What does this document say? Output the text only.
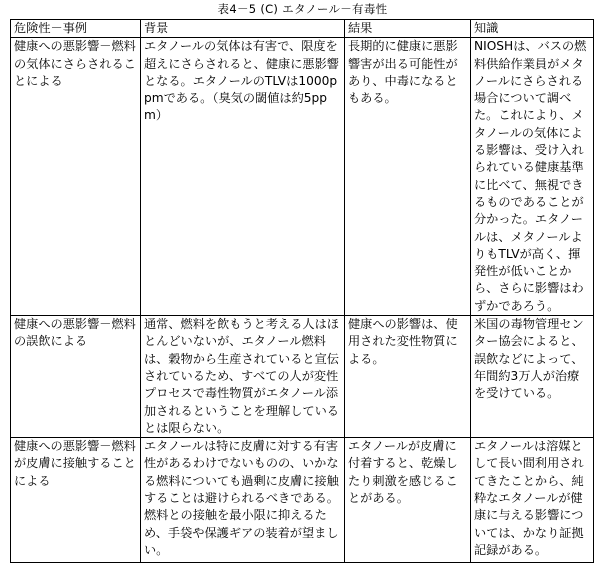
表4－5 (C) エタノール－有毒性
危険性－事例	背景	結果	知識
健康への悪影響－燃料の気体にさらされることによる	エタノールの気体は有害で、限度を超えにさらされると、健康に悪影響となる。エタノールのTLVは1000ppmである。（臭気の閾値は約5ppm）	長期的に健康に悪影響害が出る可能性があり、中毒になるともある。	NIOSHは、バスの燃料供給作業員がメタノールにさらされる場合について調べた。これにより、メタノールの気体による影響は、受け入れられている健康基準に比べて、無視できるものであることが分かった。エタノールは、メタノールよりもTLVが高く、揮発性が低いことから、さらに影響はわずかであろう。
健康への悪影響－燃料の誤飲による	通常、燃料を飲もうと考える人はほとんどいないが、エタノール燃料は、穀物から生産されていると宣伝されているため、すべての人が変性プロセスで毒性物質がエタノール添加されるということを理解しているとは限らない。	健康への影響は、使用された変性物質による。	米国の毒物管理センター協会によると、誤飲などによって、年間約3万人が治療を受けている。
健康への悪影響－燃料が皮膚に接触することによる	エタノールは特に皮膚に対する有害性があるわけでないものの、いかなる燃料についても過剰に皮膚に接触することは避けられるべきである。燃料との接触を最小限に抑えるため、手袋や保護ギアの装着が望ましい。	エタノールが皮膚に付着すると、乾燥したり刺激を感じることがある。	エタノールは溶媒として長い間利用されてきたことから、純粋なエタノールが健康に与える影響については、かなり証拠記録がある。
